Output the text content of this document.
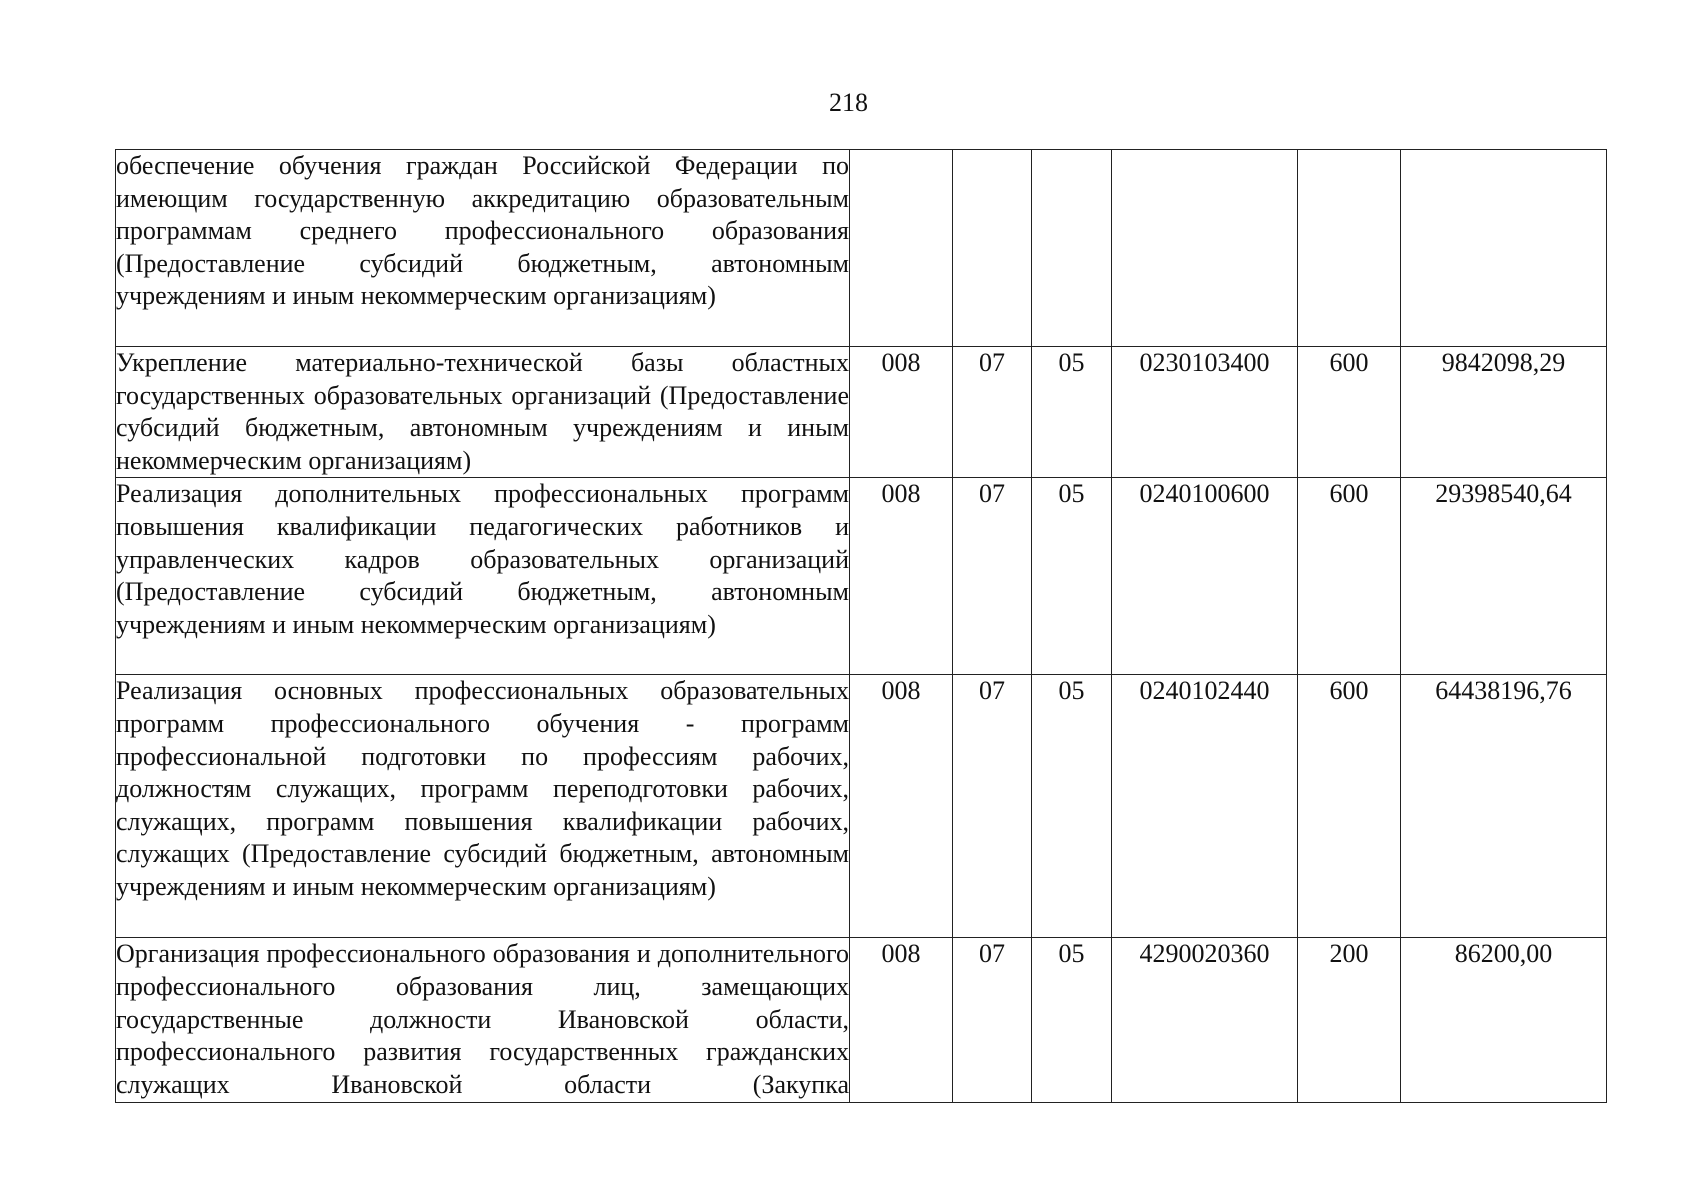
218
обеспечение обучения граждан Российской Федерации по имеющим государственную аккредитацию образовательным программам среднего профессионального образования (Предоставление субсидий бюджетным, автономным учреждениям и иным некоммерческим организациям)						
Укрепление материально-технической базы областных государственных образовательных организаций (Предоставление субсидий бюджетным, автономным учреждениям и иным некоммерческим организациям)	008	07	05	0230103400	600	9842098,29
Реализация дополнительных профессиональных программ повышения квалификации педагогических работников и управленческих кадров образовательных организаций (Предоставление субсидий бюджетным, автономным учреждениям и иным некоммерческим организациям)	008	07	05	0240100600	600	29398540,64
Реализация основных профессиональных образовательных программ профессионального обучения - программ профессиональной подготовки по профессиям рабочих, должностям служащих, программ переподготовки рабочих, служащих, программ повышения квалификации рабочих, служащих (Предоставление субсидий бюджетным, автономным учреждениям и иным некоммерческим организациям)	008	07	05	0240102440	600	64438196,76
Организация профессионального образования и дополнительного профессионального образования лиц, замещающих государственные должности Ивановской области, профессионального развития государственных гражданских служащих Ивановской области (Закупка	008	07	05	4290020360	200	86200,00
